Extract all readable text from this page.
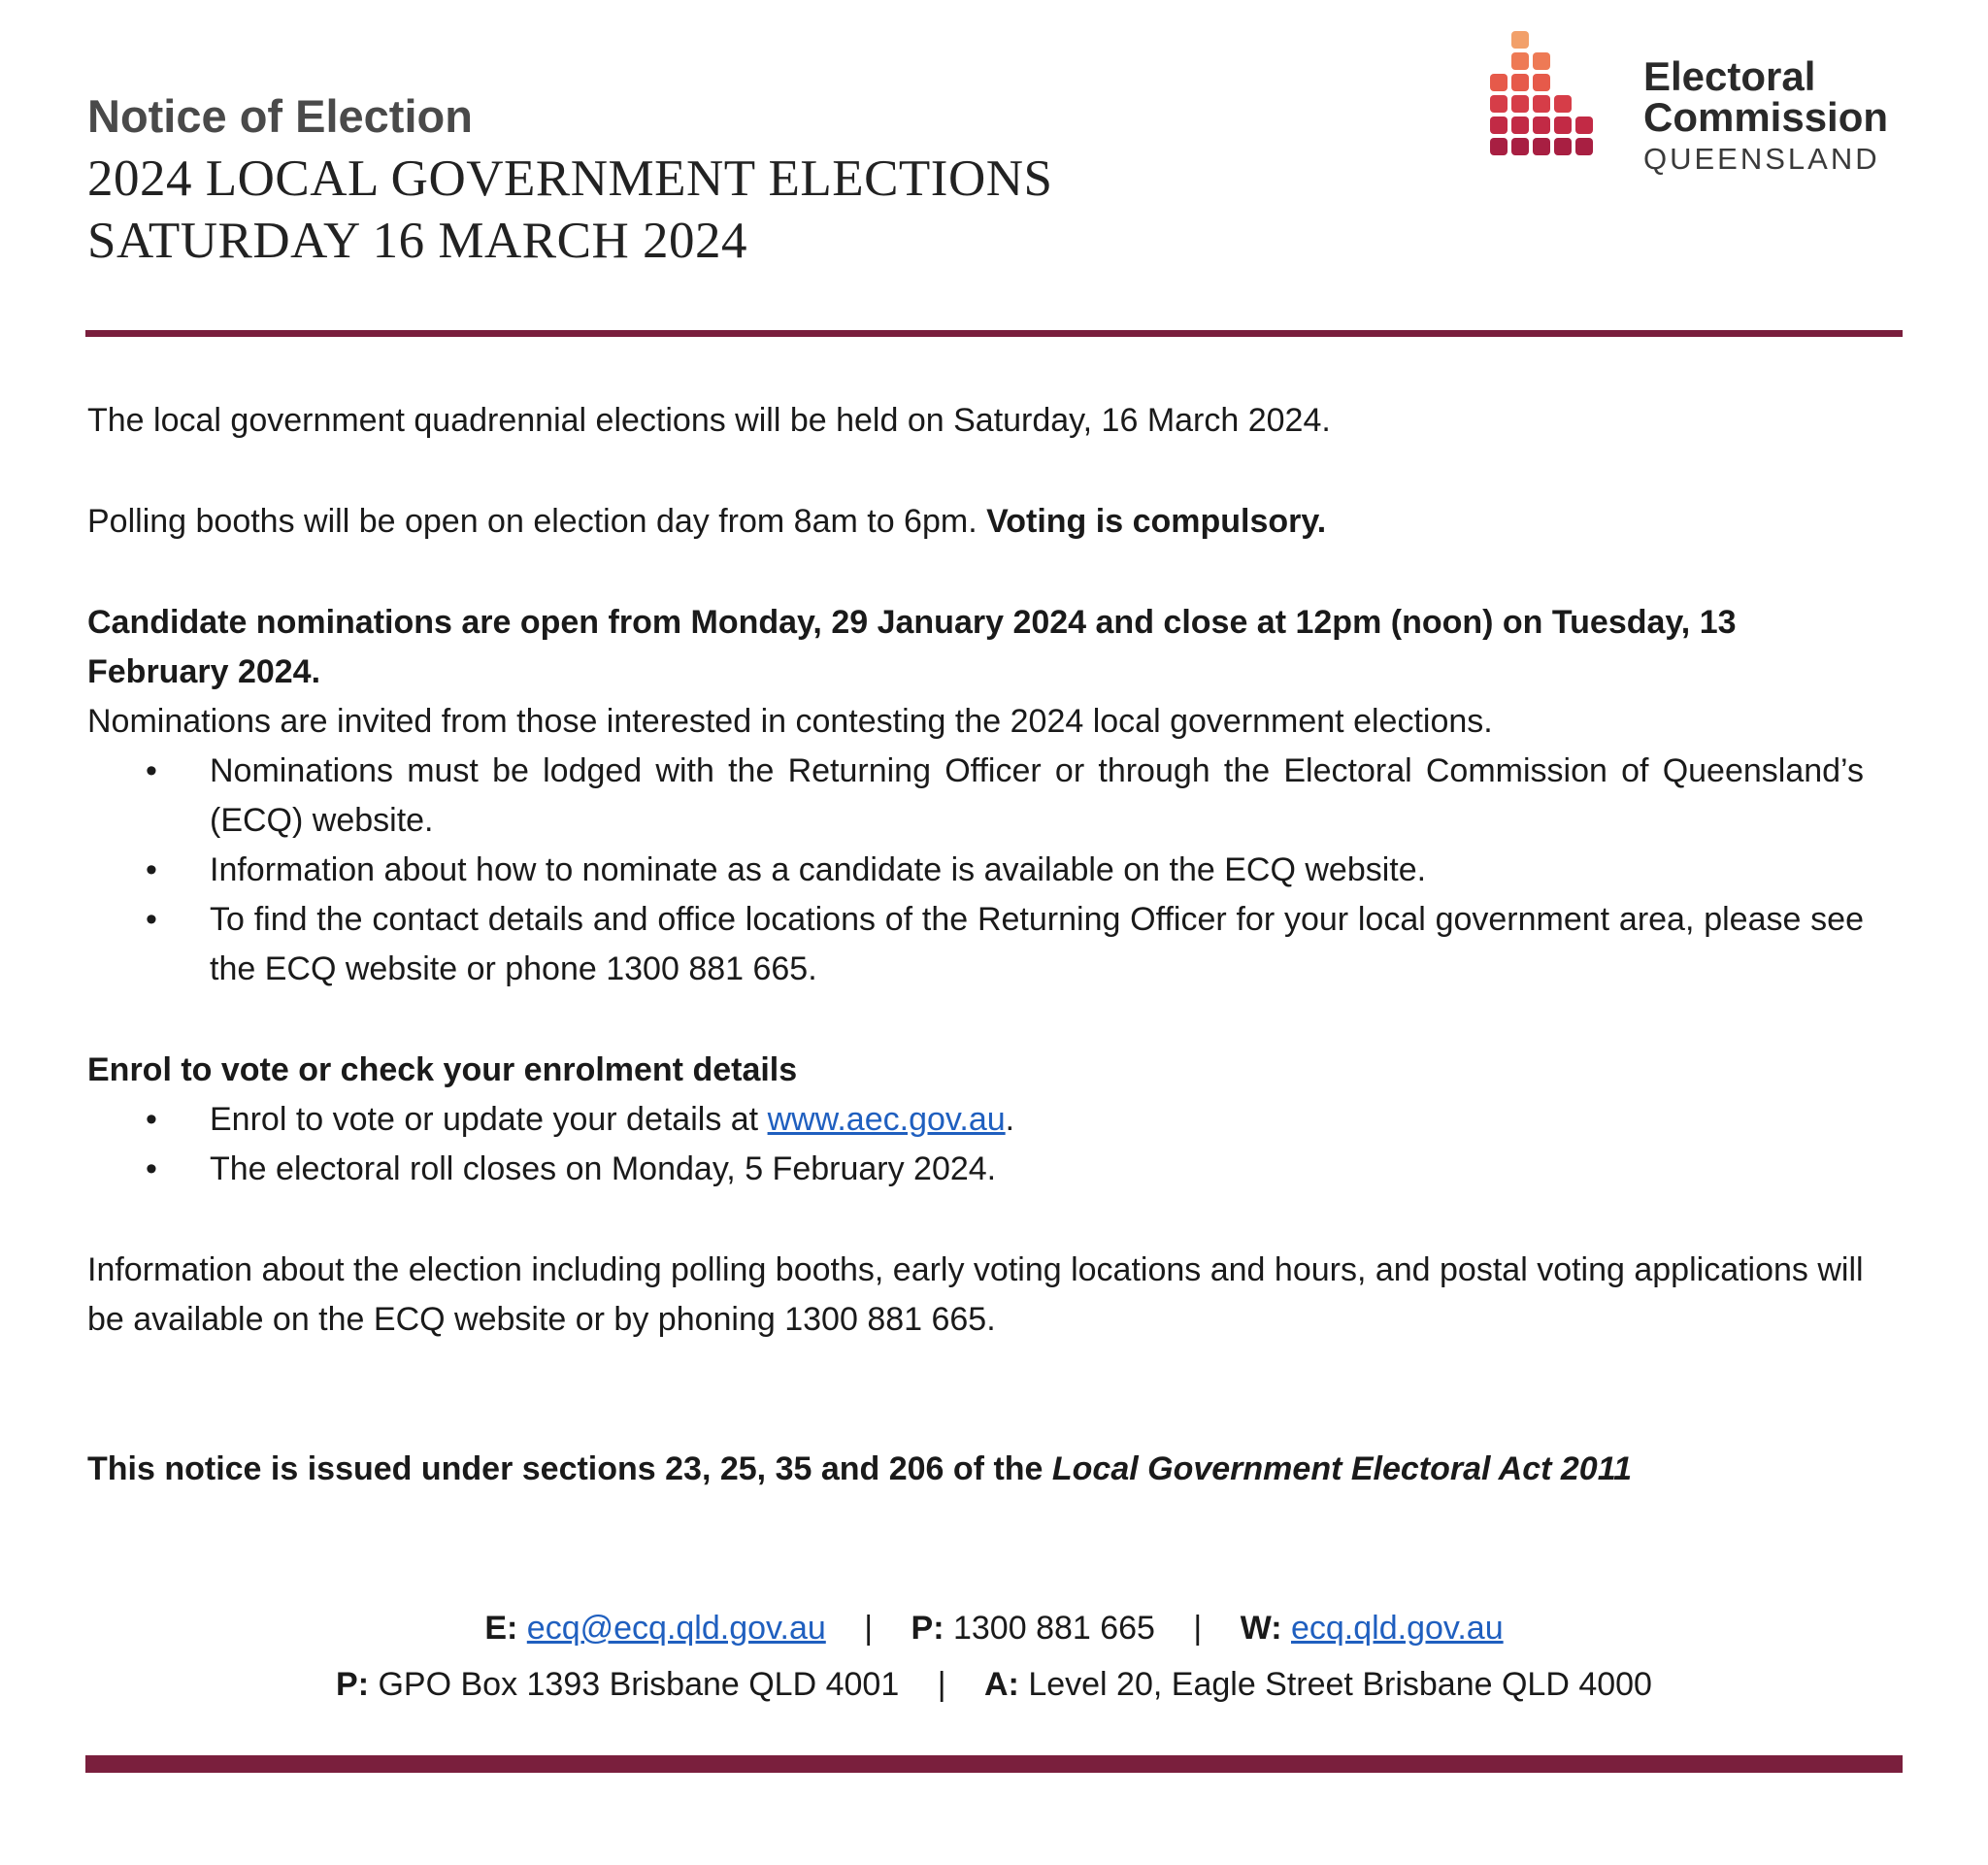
Notice of Election
2024 LOCAL GOVERNMENT ELECTIONS
SATURDAY 16 MARCH 2024
Electoral
Commission
QUEENSLAND

The local government quadrennial elections will be held on Saturday, 16 March 2024.

Polling booths will be open on election day from 8am to 6pm. Voting is compulsory.

Candidate nominations are open from Monday, 29 January 2024 and close at 12pm (noon) on Tuesday, 13 February 2024.

Nominations are invited from those interested in contesting the 2024 local government elections.

• Nominations must be lodged with the Returning Officer or through the Electoral Commission of Queensland’s (ECQ) website.
• Information about how to nominate as a candidate is available on the ECQ website.
• To find the contact details and office locations of the Returning Officer for your local government area, please see the ECQ website or phone 1300 881 665.

Enrol to vote or check your enrolment details

• Enrol to vote or update your details at www.aec.gov.au.
• The electoral roll closes on Monday, 5 February 2024.

Information about the election including polling booths, early voting locations and hours, and postal voting applications will be available on the ECQ website or by phoning 1300 881 665.

This notice is issued under sections 23, 25, 35 and 206 of the Local Government Electoral Act 2011

E: ecq@ecq.qld.gov.au | P: 1300 881 665 | W: ecq.qld.gov.au
P: GPO Box 1393 Brisbane QLD 4001 | A: Level 20, Eagle Street Brisbane QLD 4000
